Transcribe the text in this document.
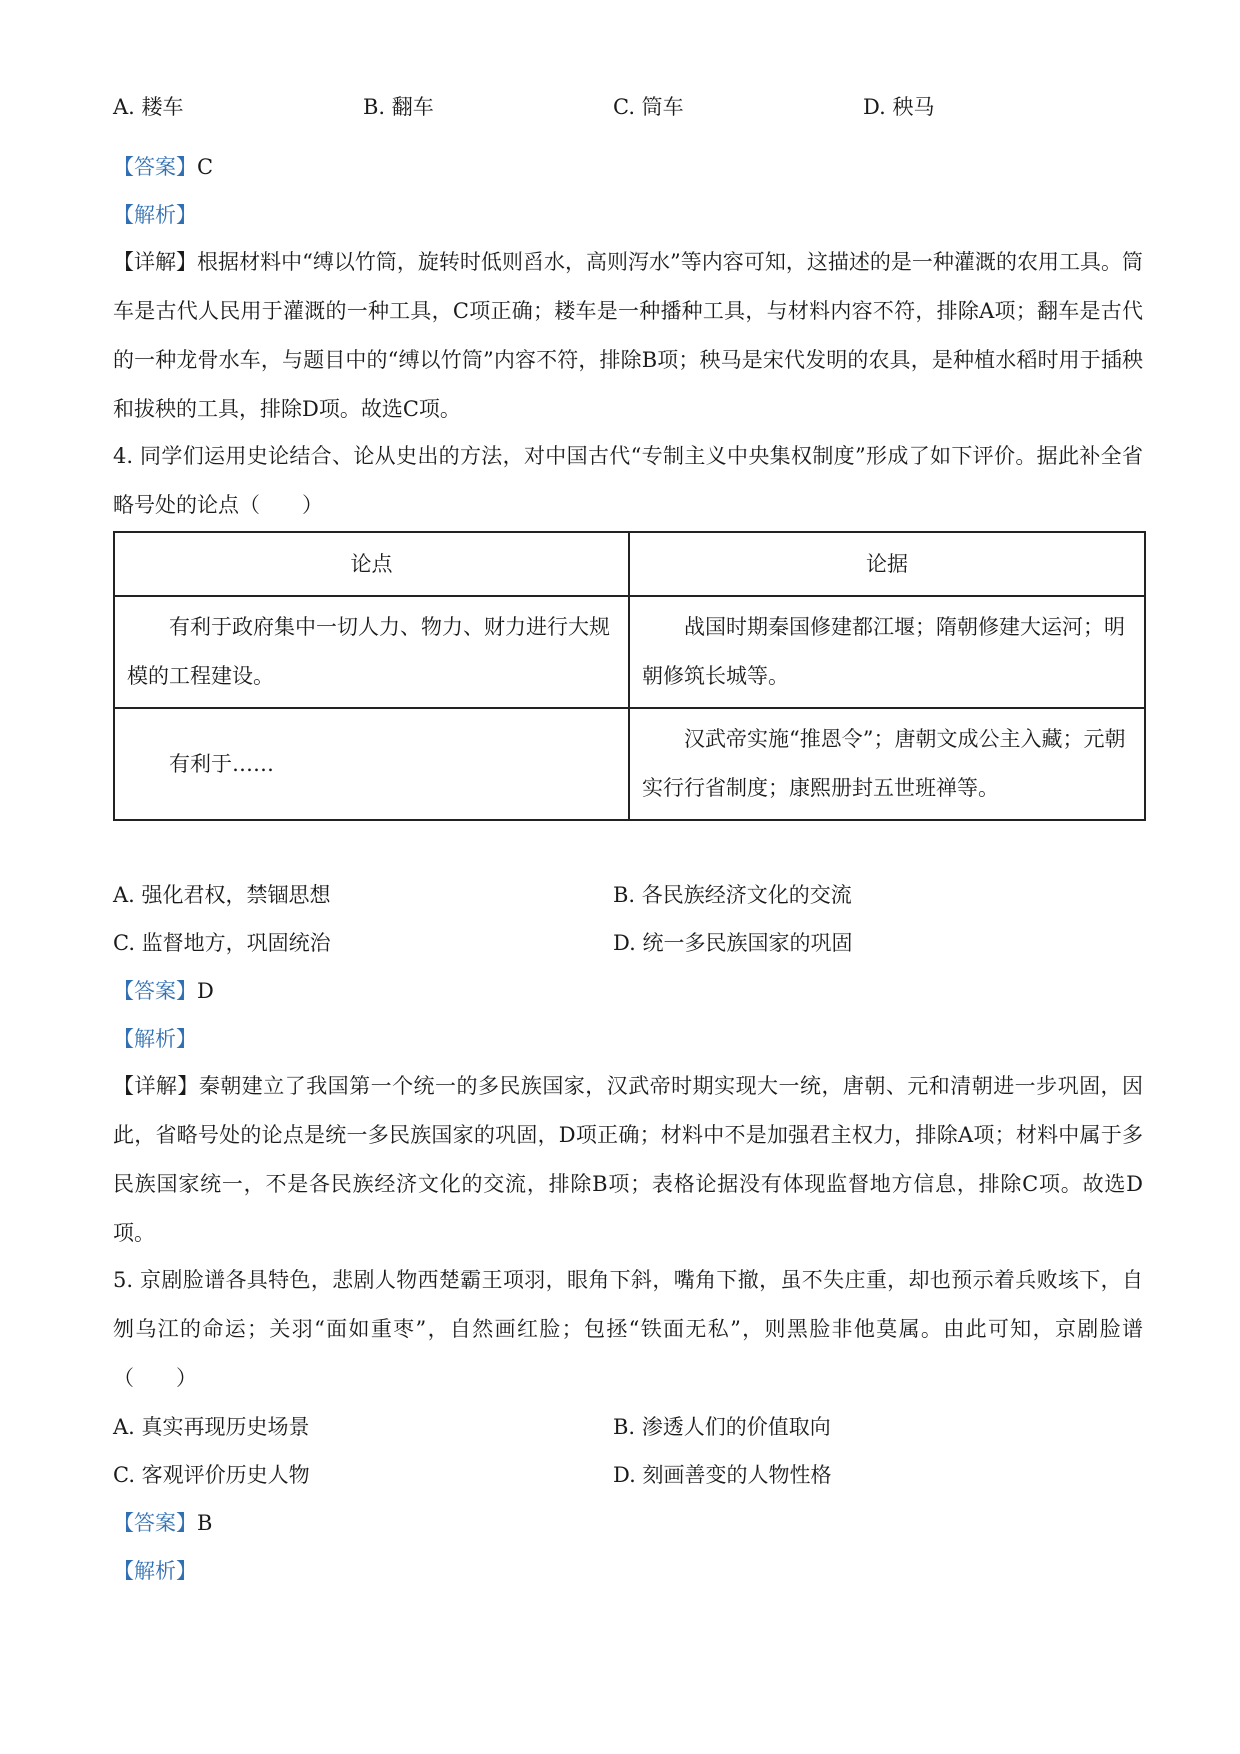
A. 耧车	B. 翻车	C. 筒车	D. 秧马
【答案】C
【解析】
【详解】根据材料中“缚以竹筒，旋转时低则舀水，高则泻水”等内容可知，这描述的是一种灌溉的农用工具。筒车是古代人民用于灌溉的一种工具，C项正确；耧车是一种播种工具，与材料内容不符，排除A项；翻车是古代的一种龙骨水车，与题目中的“缚以竹筒”内容不符，排除B项；秧马是宋代发明的农具，是种植水稻时用于插秧和拔秧的工具，排除D项。故选C项。
4. 同学们运用史论结合、论从史出的方法，对中国古代“专制主义中央集权制度”形成了如下评价。据此补全省略号处的论点（　　）
论点	论据
有利于政府集中一切人力、物力、财力进行大规模的工程建设。	战国时期秦国修建都江堰；隋朝修建大运河；明朝修筑长城等。
有利于……	汉武帝实施“推恩令”；唐朝文成公主入藏；元朝实行行省制度；康熙册封五世班禅等。
A. 强化君权，禁锢思想	B. 各民族经济文化的交流
C. 监督地方，巩固统治	D. 统一多民族国家的巩固
【答案】D
【解析】
【详解】秦朝建立了我国第一个统一的多民族国家，汉武帝时期实现大一统，唐朝、元和清朝进一步巩固，因此，省略号处的论点是统一多民族国家的巩固，D项正确；材料中不是加强君主权力，排除A项；材料中属于多民族国家统一，不是各民族经济文化的交流，排除B项；表格论据没有体现监督地方信息，排除C项。故选D项。
5. 京剧脸谱各具特色，悲剧人物西楚霸王项羽，眼角下斜，嘴角下撤，虽不失庄重，却也预示着兵败垓下，自刎乌江的命运；关羽“面如重枣”，自然画红脸；包拯“铁面无私”，则黑脸非他莫属。由此可知，京剧脸谱（　　）
A. 真实再现历史场景	B. 渗透人们的价值取向
C. 客观评价历史人物	D. 刻画善变的人物性格
【答案】B
【解析】
